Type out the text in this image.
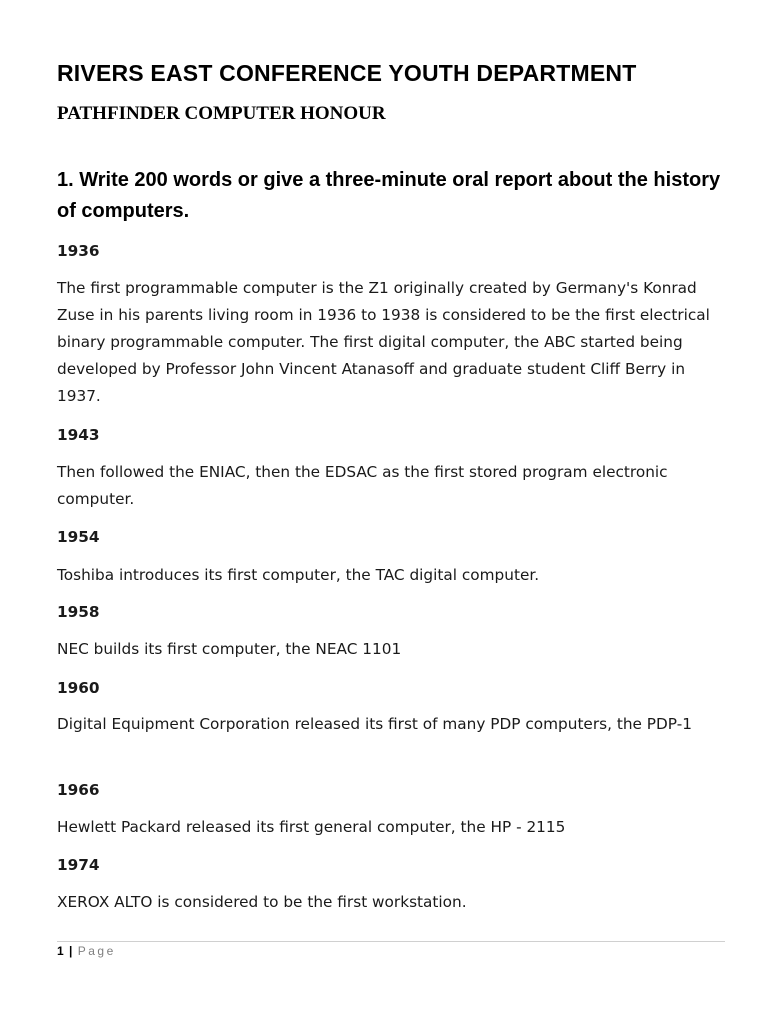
RIVERS EAST CONFERENCE YOUTH DEPARTMENT
PATHFINDER COMPUTER HONOUR

1. Write 200 words or give a three-minute oral report about the history of computers.

1936

The first programmable computer is the Z1 originally created by Germany's Konrad Zuse in his parents living room in 1936 to 1938 is considered to be the first electrical binary programmable computer. The first digital computer, the ABC started being developed by Professor John Vincent Atanasoff and graduate student Cliff Berry in 1937.

1943

Then followed the ENIAC, then the EDSAC as the first stored program electronic computer.

1954

Toshiba introduces its first computer, the TAC digital computer.

1958

NEC builds its first computer, the NEAC 1101

1960

Digital Equipment Corporation released its first of many PDP computers, the PDP-1

1966

Hewlett Packard released its first general computer, the HP - 2115

1974

XEROX ALTO is considered to be the first workstation.

1 | Page
